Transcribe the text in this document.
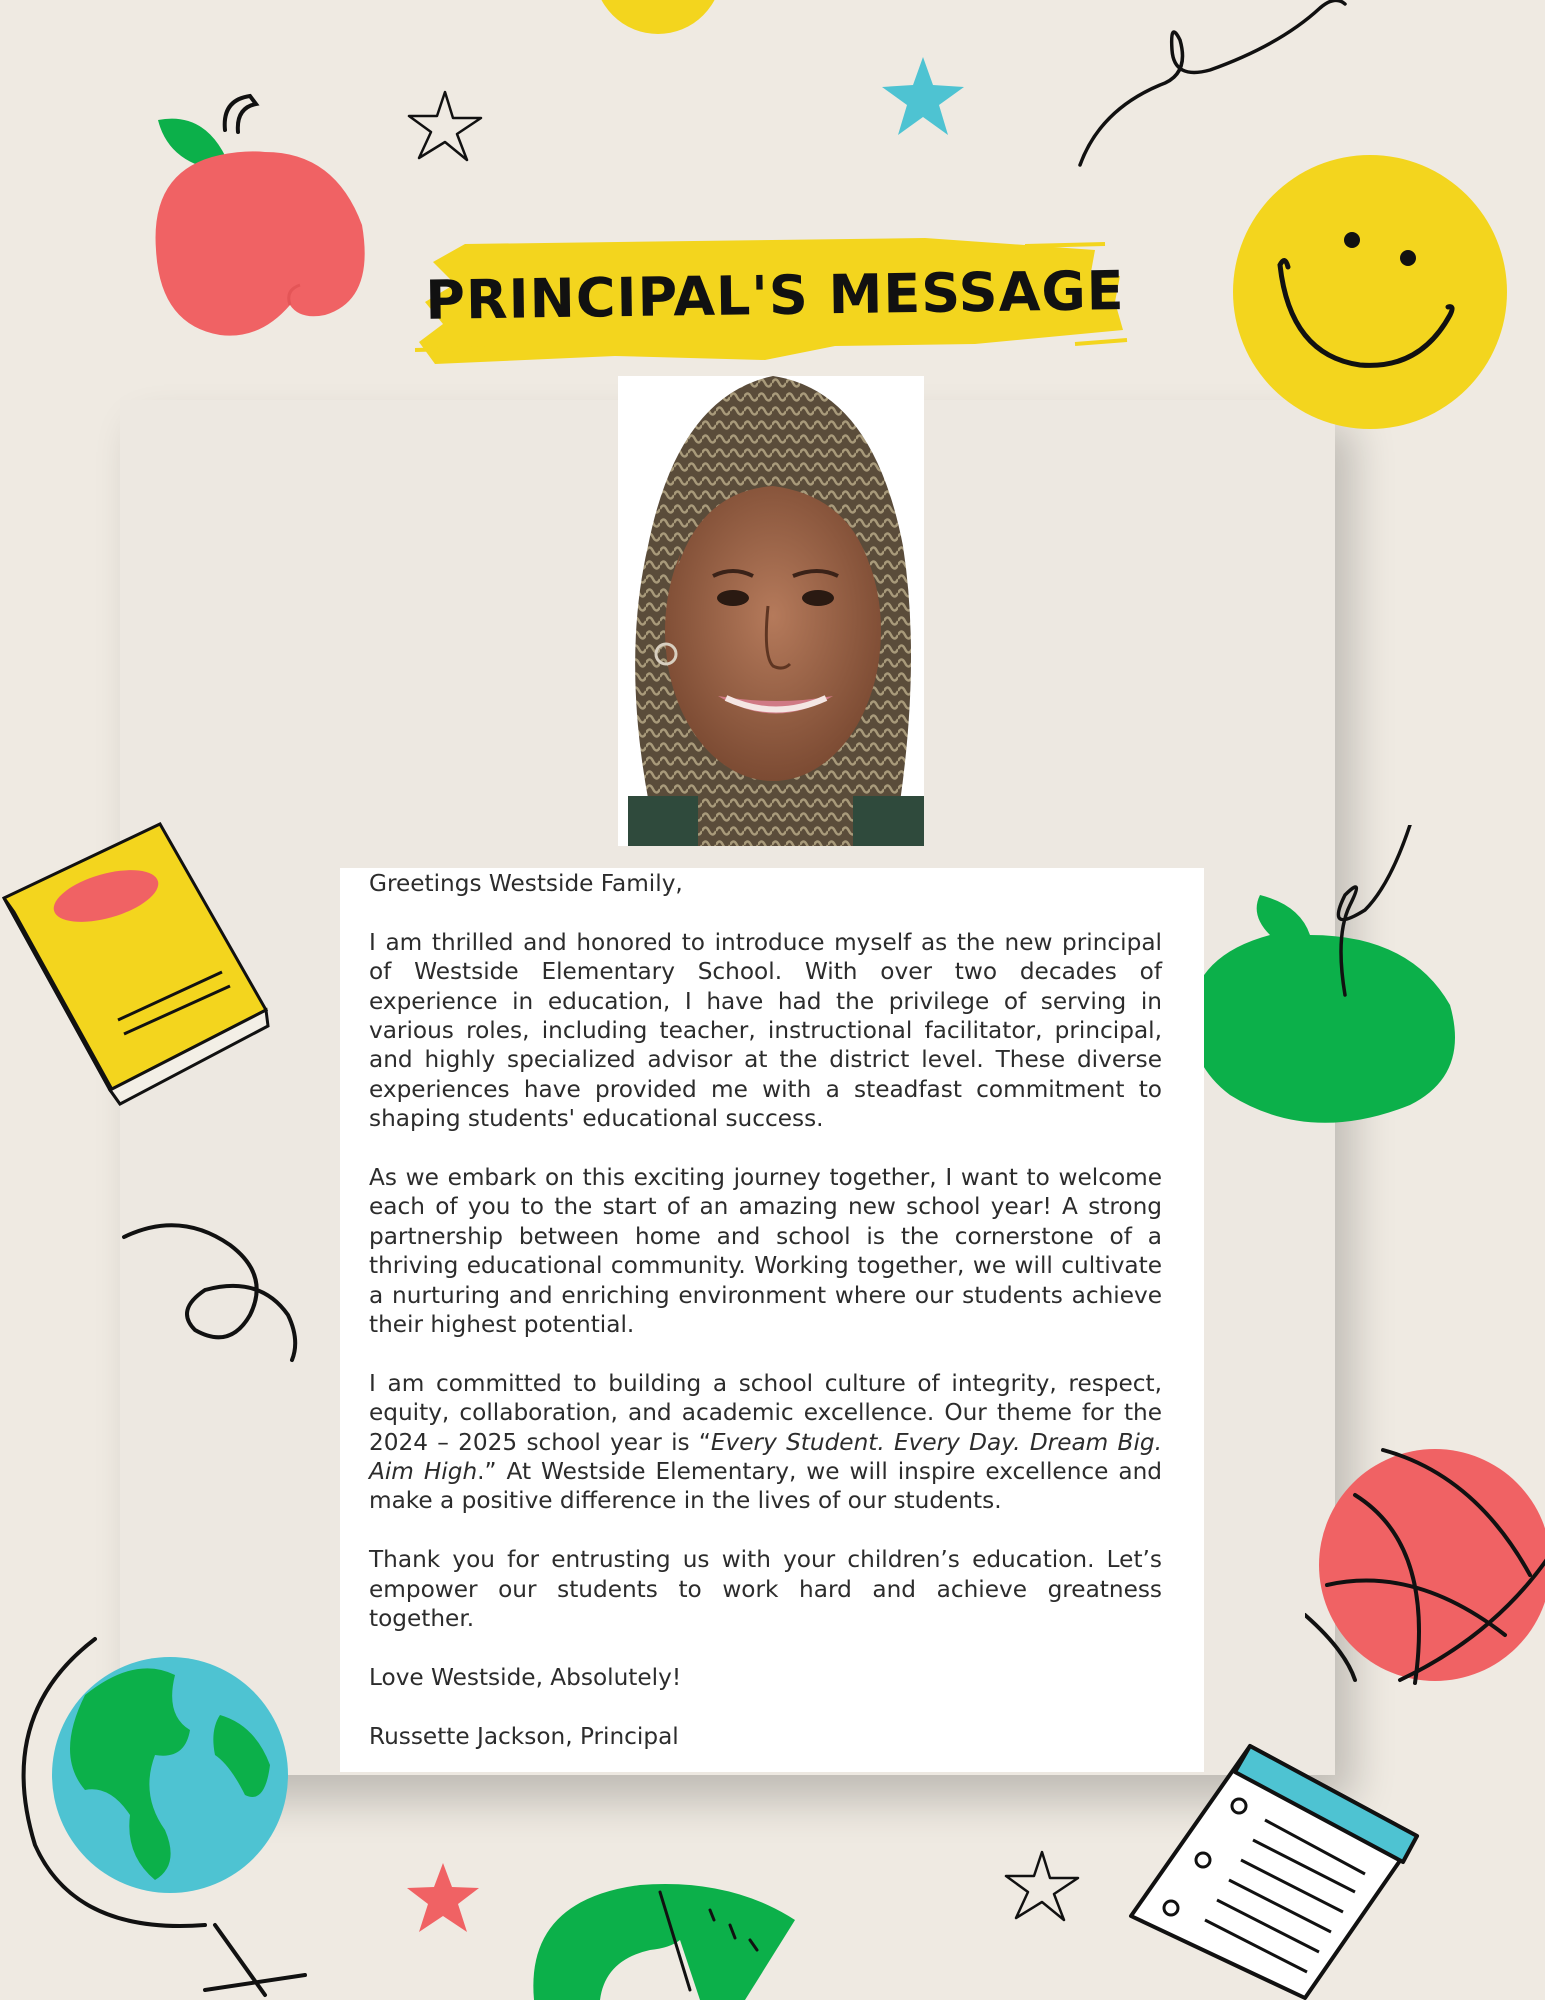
PRINCIPAL'S MESSAGE

Greetings Westside Family,

I am thrilled and honored to introduce myself as the new principal of Westside Elementary School. With over two decades of experience in education, I have had the privilege of serving in various roles, including teacher, instructional facilitator, principal, and highly specialized advisor at the district level. These diverse experiences have provided me with a steadfast commitment to shaping students' educational success.

As we embark on this exciting journey together, I want to welcome each of you to the start of an amazing new school year! A strong partnership between home and school is the cornerstone of a thriving educational community. Working together, we will cultivate a nurturing and enriching environment where our students achieve their highest potential.

I am committed to building a school culture of integrity, respect, equity, collaboration, and academic excellence. Our theme for the 2024 – 2025 school year is “Every Student. Every Day. Dream Big. Aim High.” At Westside Elementary, we will inspire excellence and make a positive difference in the lives of our students.

Thank you for entrusting us with your children’s education. Let’s empower our students to work hard and achieve greatness together.

Love Westside, Absolutely!

Russette Jackson, Principal
